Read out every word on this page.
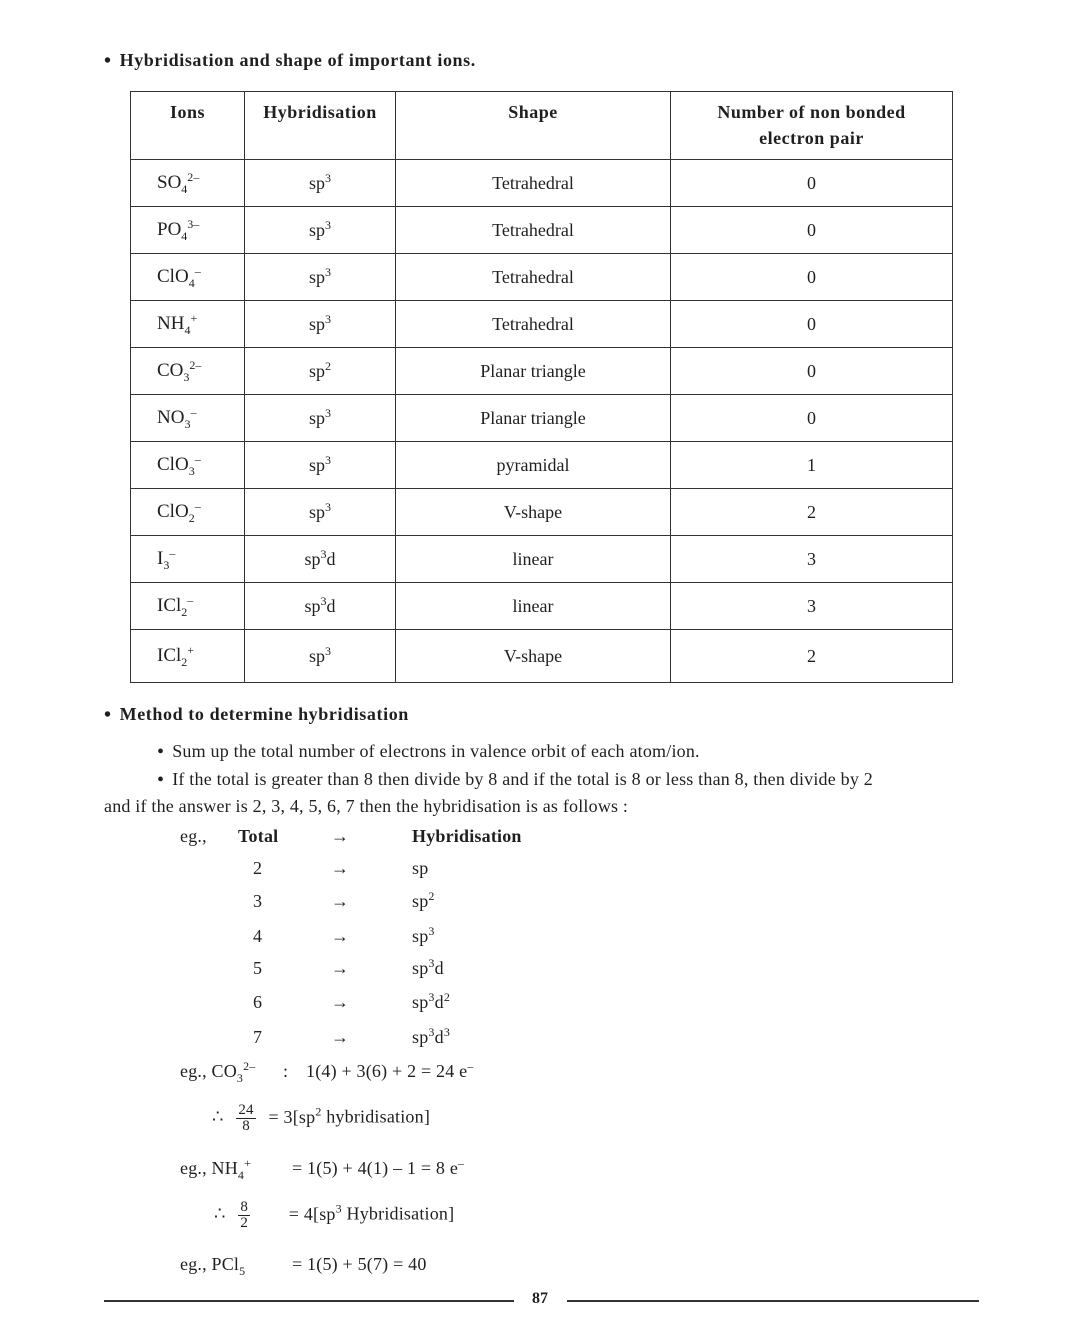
• Hybridisation and shape of important ions.
Ions	Hybridisation	Shape	Number of non bonded
electron pair
$SO_4^{2-}$	$sp^3$	Tetrahedral	0
$PO_4^{3-}$	$sp^3$	Tetrahedral	0
ClO$_4$–	$sp^3$	Tetrahedral	0
$NH_4^+$	$sp^3$	Tetrahedral	0
$CO_3^{2-}$	$sp^2$	Planar triangle	0
$NO_3^-$	$sp^3$	Planar triangle	0
ClO$_3$–	$sp^3$	pyramidal	1
ClO$_2$–	$sp^3$	V-shape	2
$I_3^-$	$sp^3d$	linear	3
ICl$_2$–	$sp^3d$	linear	3
ICl$_2$+	$sp^3$	V-shape	2
• Method to determine hybridisation
• Sum up the total number of electrons in valence orbit of each atom/ion.
• If the total is greater than 8 then divide by 8 and if the total is 8 or less than 8, then divide by 2
and if the answer is 2, 3, 4, 5, 6, 7 then the hybridisation is as follows :
eg., Total	→	Hybridisation
2	→	sp
3	→	$sp^2$
4	→	$sp^3$
5	→	$sp^3d$
6	→	$sp^3d^2$
7	→	$sp^3d^3$
eg., $CO_3^{2-}$ : 1(4) + 3(6) + 2 = 24 e–
∴ $\frac{24}{8} = 3[sp^2$ hybridisation]
eg., $NH_4^+ = 1(5) + 4(1) - 1 = 8$ e–
∴ $\frac{8}{2} = 4[sp^3$ Hybridisation]
eg., PCl$_5$	= 1(5) + 5(7) = 40
87
